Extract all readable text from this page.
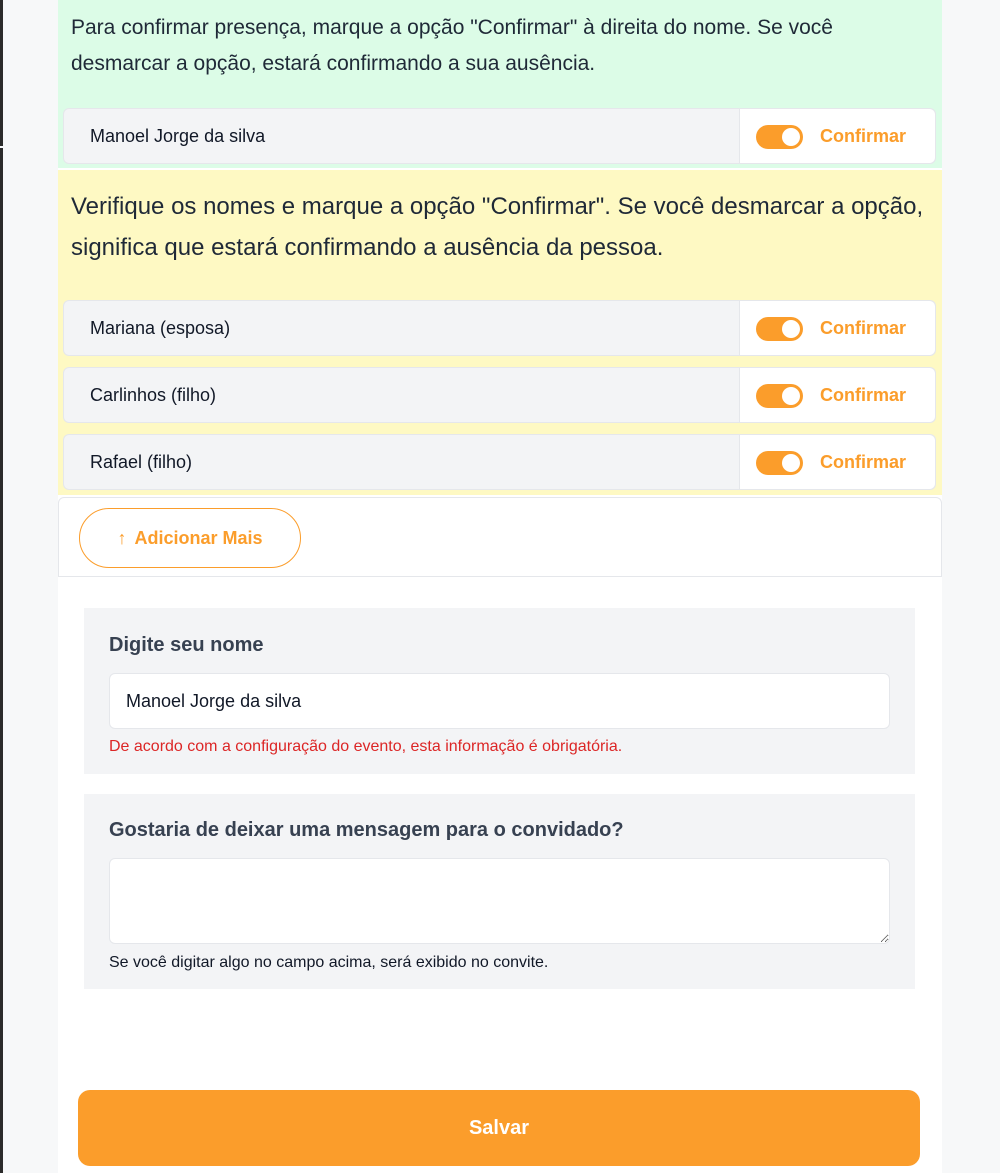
Para confirmar presença, marque a opção "Confirmar" à direita do nome. Se você desmarcar a opção, estará confirmando a sua ausência.
Manoel Jorge da silva	Confirmar
Verifique os nomes e marque a opção "Confirmar". Se você desmarcar a opção, significa que estará confirmando a ausência da pessoa.
Mariana (esposa)	Confirmar
Carlinhos (filho)	Confirmar
Rafael (filho)	Confirmar
↑ Adicionar Mais
Digite seu nome
Manoel Jorge da silva
De acordo com a configuração do evento, esta informação é obrigatória.
Gostaria de deixar uma mensagem para o convidado?
Se você digitar algo no campo acima, será exibido no convite.
Salvar
